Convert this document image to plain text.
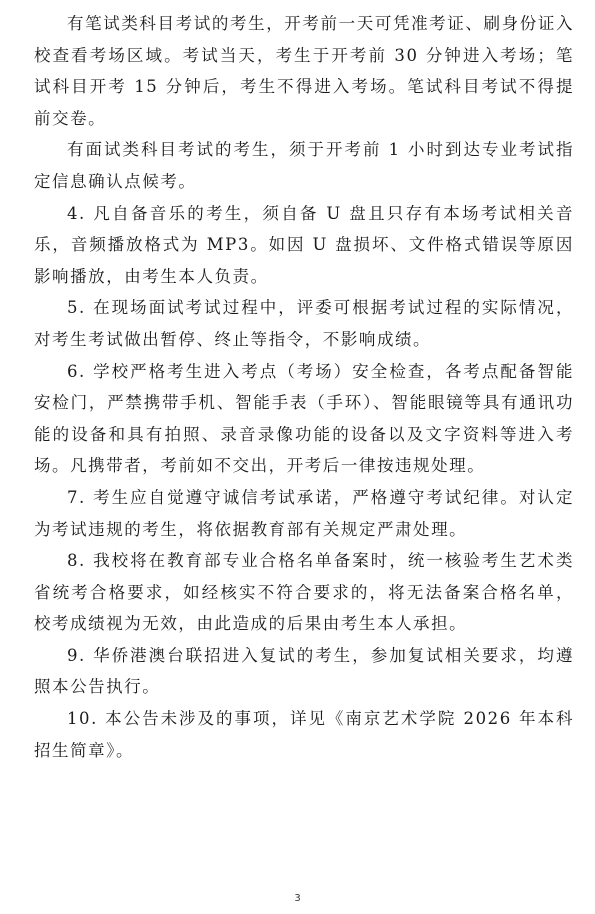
有笔试类科目考试的考生，开考前一天可凭准考证、刷身份证入校查看考场区域。考试当天，考生于开考前 30 分钟进入考场；笔试科目开考 15 分钟后，考生不得进入考场。笔试科目考试不得提前交卷。

有面试类科目考试的考生，须于开考前 1 小时到达专业考试指定信息确认点候考。

4. 凡自备音乐的考生，须自备 U 盘且只存有本场考试相关音乐，音频播放格式为 MP3。如因 U 盘损坏、文件格式错误等原因影响播放，由考生本人负责。

5. 在现场面试考试过程中，评委可根据考试过程的实际情况，对考生考试做出暂停、终止等指令，不影响成绩。

6. 学校严格考生进入考点（考场）安全检查，各考点配备智能安检门，严禁携带手机、智能手表（手环）、智能眼镜等具有通讯功能的设备和具有拍照、录音录像功能的设备以及文字资料等进入考场。凡携带者，考前如不交出，开考后一律按违规处理。

7. 考生应自觉遵守诚信考试承诺，严格遵守考试纪律。对认定为考试违规的考生，将依据教育部有关规定严肃处理。

8. 我校将在教育部专业合格名单备案时，统一核验考生艺术类省统考合格要求，如经核实不符合要求的，将无法备案合格名单，校考成绩视为无效，由此造成的后果由考生本人承担。

9. 华侨港澳台联招进入复试的考生，参加复试相关要求，均遵照本公告执行。

10. 本公告未涉及的事项，详见《南京艺术学院 2026 年本科招生简章》。

3
